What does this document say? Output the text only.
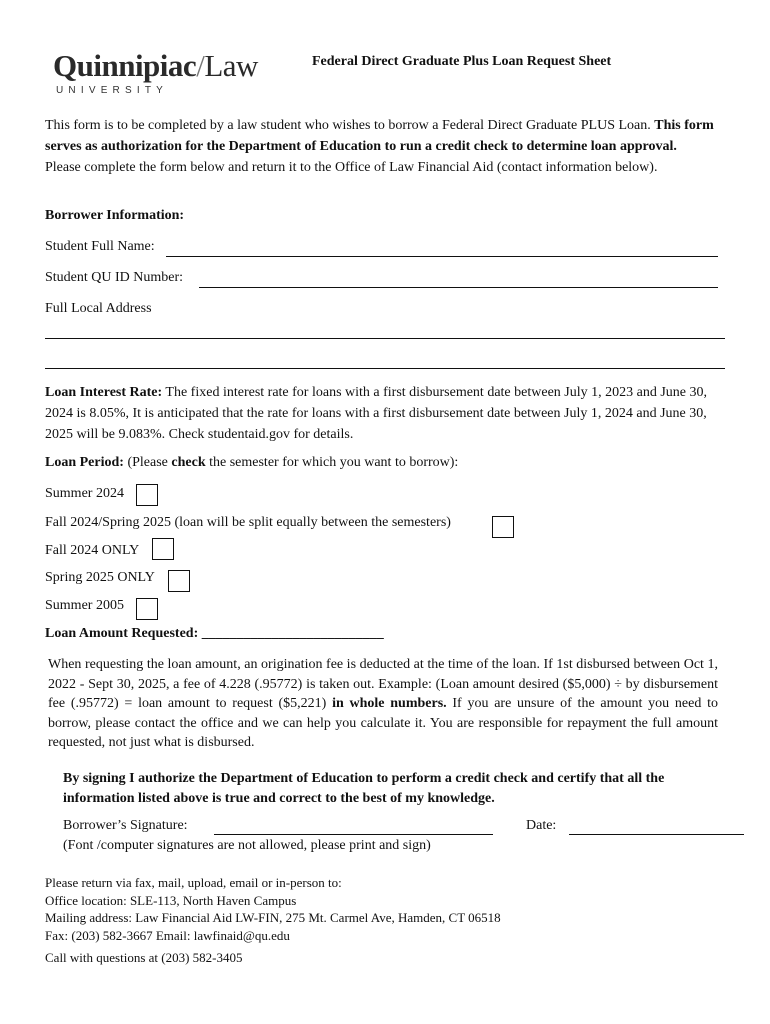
Quinnipiac/Law
UNIVERSITY
Federal Direct Graduate Plus Loan Request Sheet
This form is to be completed by a law student who wishes to borrow a Federal Direct Graduate PLUS Loan. This form serves as authorization for the Department of Education to run a credit check to determine loan approval. Please complete the form below and return it to the Office of Law Financial Aid (contact information below).
Borrower Information:
Student Full Name:
Student QU ID Number:
Full Local Address
Loan Interest Rate: The fixed interest rate for loans with a first disbursement date between July 1, 2023 and June 30, 2024 is 8.05%, It is anticipated that the rate for loans with a first disbursement date between July 1, 2024 and June 30, 2025 will be 9.083%. Check studentaid.gov for details.
Loan Period: (Please check the semester for which you want to borrow):
Summer 2024
Fall 2024/Spring 2025 (loan will be split equally between the semesters)
Fall 2024 ONLY
Spring 2025 ONLY
Summer 2005
Loan Amount Requested: __________________________
When requesting the loan amount, an origination fee is deducted at the time of the loan. If 1st disbursed between Oct 1, 2022 - Sept 30, 2025, a fee of 4.228 (.95772) is taken out. Example: (Loan amount desired ($5,000) ÷ by disbursement fee (.95772) = loan amount to request ($5,221) in whole numbers. If you are unsure of the amount you need to borrow, please contact the office and we can help you calculate it. You are responsible for repayment the full amount requested, not just what is disbursed.
By signing I authorize the Department of Education to perform a credit check and certify that all the information listed above is true and correct to the best of my knowledge.
Borrower’s Signature:	Date:
(Font /computer signatures are not allowed, please print and sign)
Please return via fax, mail, upload, email or in-person to:
Office location: SLE-113, North Haven Campus
Mailing address: Law Financial Aid LW-FIN, 275 Mt. Carmel Ave, Hamden, CT 06518
Fax: (203) 582-3667 Email: lawfinaid@qu.edu
Call with questions at (203) 582-3405
